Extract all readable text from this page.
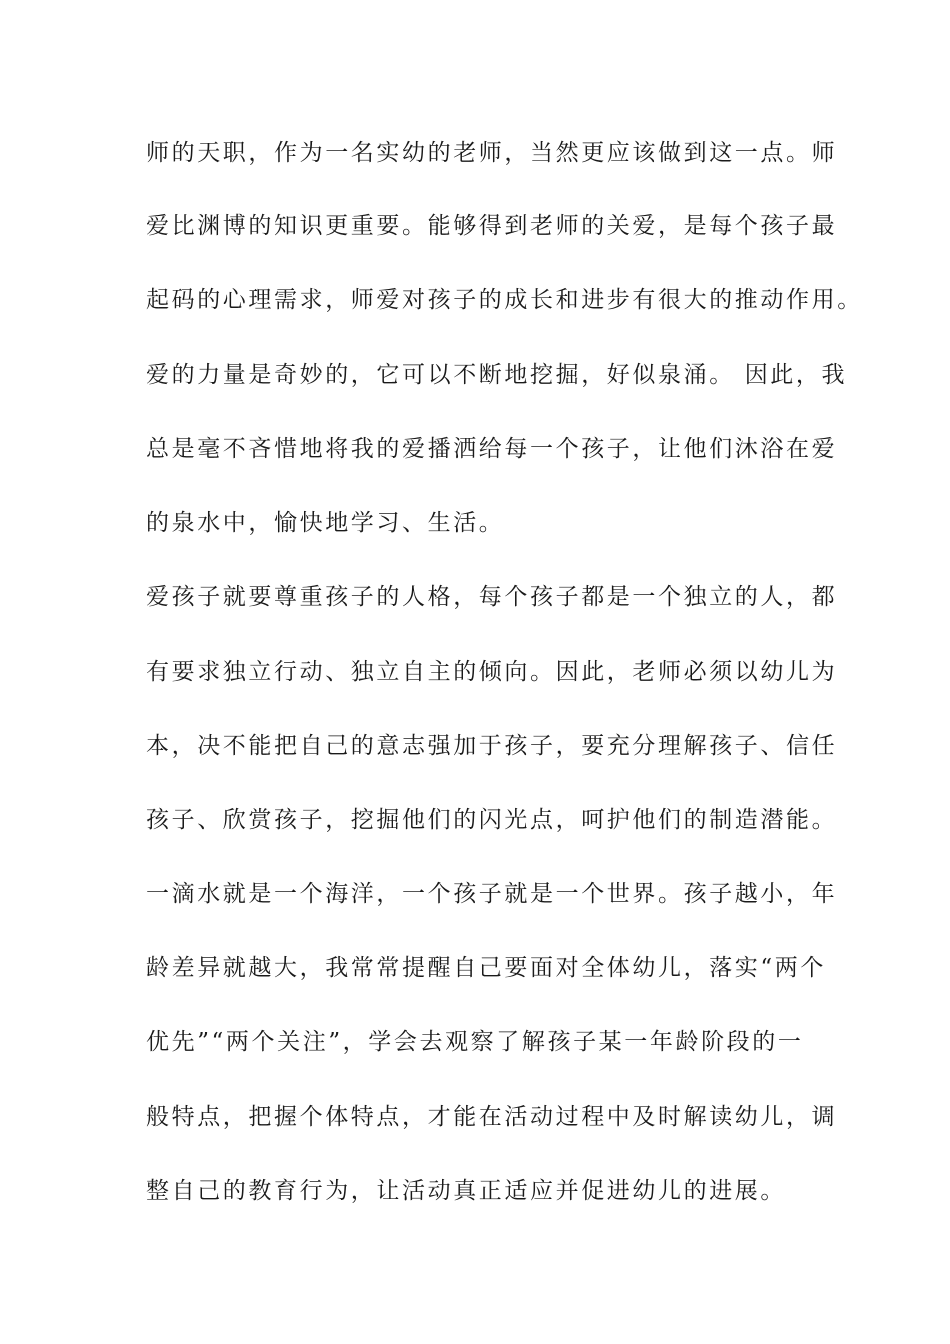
师的天职，作为一名实幼的老师，当然更应该做到这一点。师
爱比渊博的知识更重要。能够得到老师的关爱，是每个孩子最
起码的心理需求，师爱对孩子的成长和进步有很大的推动作用。
爱的力量是奇妙的，它可以不断地挖掘，好似泉涌。 因此，我
总是毫不吝惜地将我的爱播洒给每一个孩子，让他们沐浴在爱
的泉水中，愉快地学习、生活。
爱孩子就要尊重孩子的人格，每个孩子都是一个独立的人，都
有要求独立行动、独立自主的倾向。因此，老师必须以幼儿为
本，决不能把自己的意志强加于孩子，要充分理解孩子、信任
孩子、欣赏孩子，挖掘他们的闪光点，呵护他们的制造潜能。
一滴水就是一个海洋，一个孩子就是一个世界。孩子越小，年
龄差异就越大，我常常提醒自己要面对全体幼儿，落实“两个
优先”“两个关注”，学会去观察了解孩子某一年龄阶段的一
般特点，把握个体特点，才能在活动过程中及时解读幼儿，调
整自己的教育行为，让活动真正适应并促进幼儿的进展。
